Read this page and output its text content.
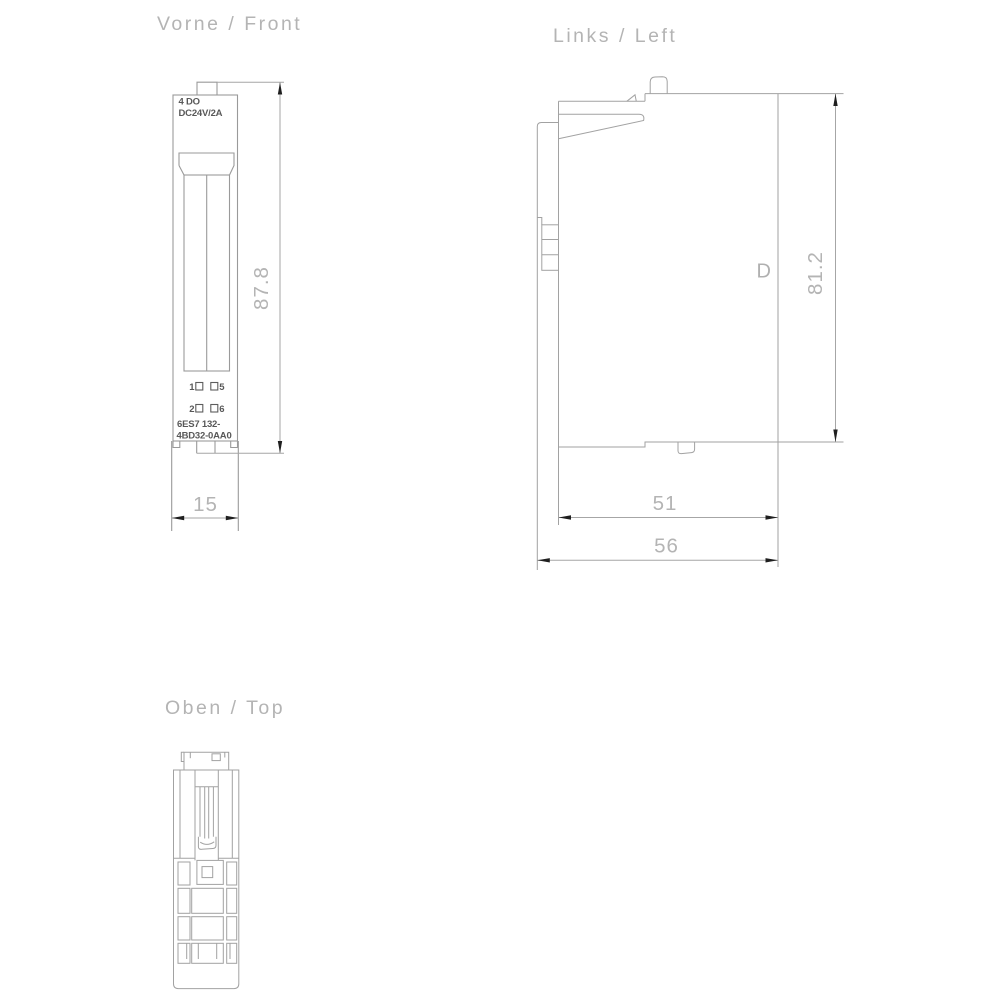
Vorne / Front
4 DO
DC24V/2A
1	5
2	6
6ES7 132-
4BD32-0AA0
87.8
15
Links / Left
D 81.2
51
56
Oben / Top
